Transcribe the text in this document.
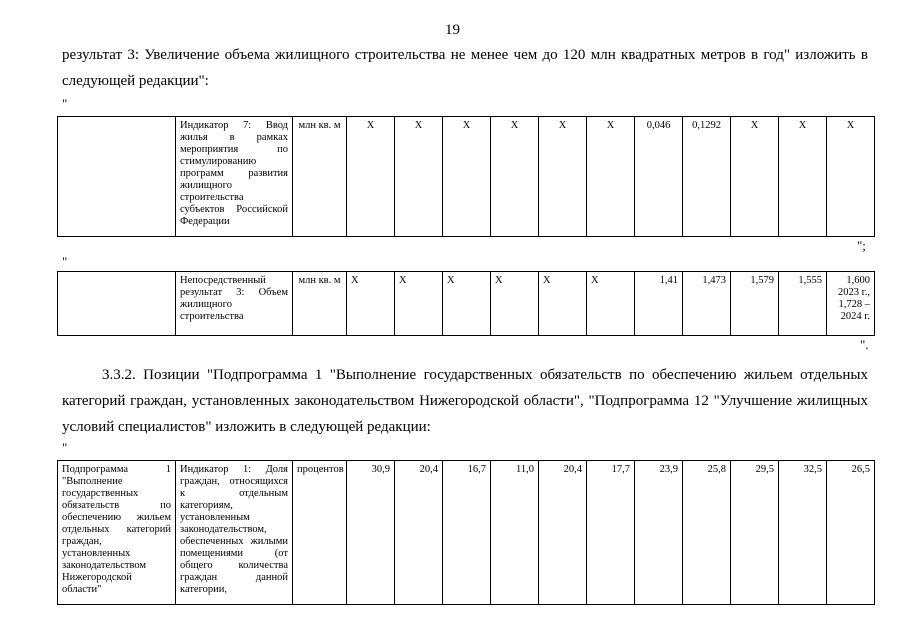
19
результат 3: Увеличение объема жилищного строительства не менее чем до 120 млн квадратных метров в год" изложить в следующей редакции":
"
	Индикатор 7: Ввод жилья в рамках мероприятия по стимулированию программ развития жилищного строительства субъектов Российской Федерации	млн кв. м	X	X	X	X	X	X	0,046	0,1292	X	X	X
";
"
	Непосредственный результат 3: Объем жилищного строительства	млн кв. м	X	X	X	X	X	X	1,41	1,473	1,579	1,555	1,600 2023 г., 1,728 – 2024 г.
".
3.3.2. Позиции "Подпрограмма 1 "Выполнение государственных обязательств по обеспечению жильем отдельных категорий граждан, установленных законодательством Нижегородской области", "Подпрограмма 12 "Улучшение жилищных условий специалистов" изложить в следующей редакции:
"
Подпрограмма 1 "Выполнение государственных обязательств по обеспечению жильем отдельных категорий граждан, установленных законодательством Нижегородской области"	Индикатор 1: Доля граждан, относящихся к отдельным категориям, установленным законодательством, обеспеченных жилыми помещениями (от общего количества граждан данной категории,	процентов	30,9	20,4	16,7	11,0	20,4	17,7	23,9	25,8	29,5	32,5	26,5
